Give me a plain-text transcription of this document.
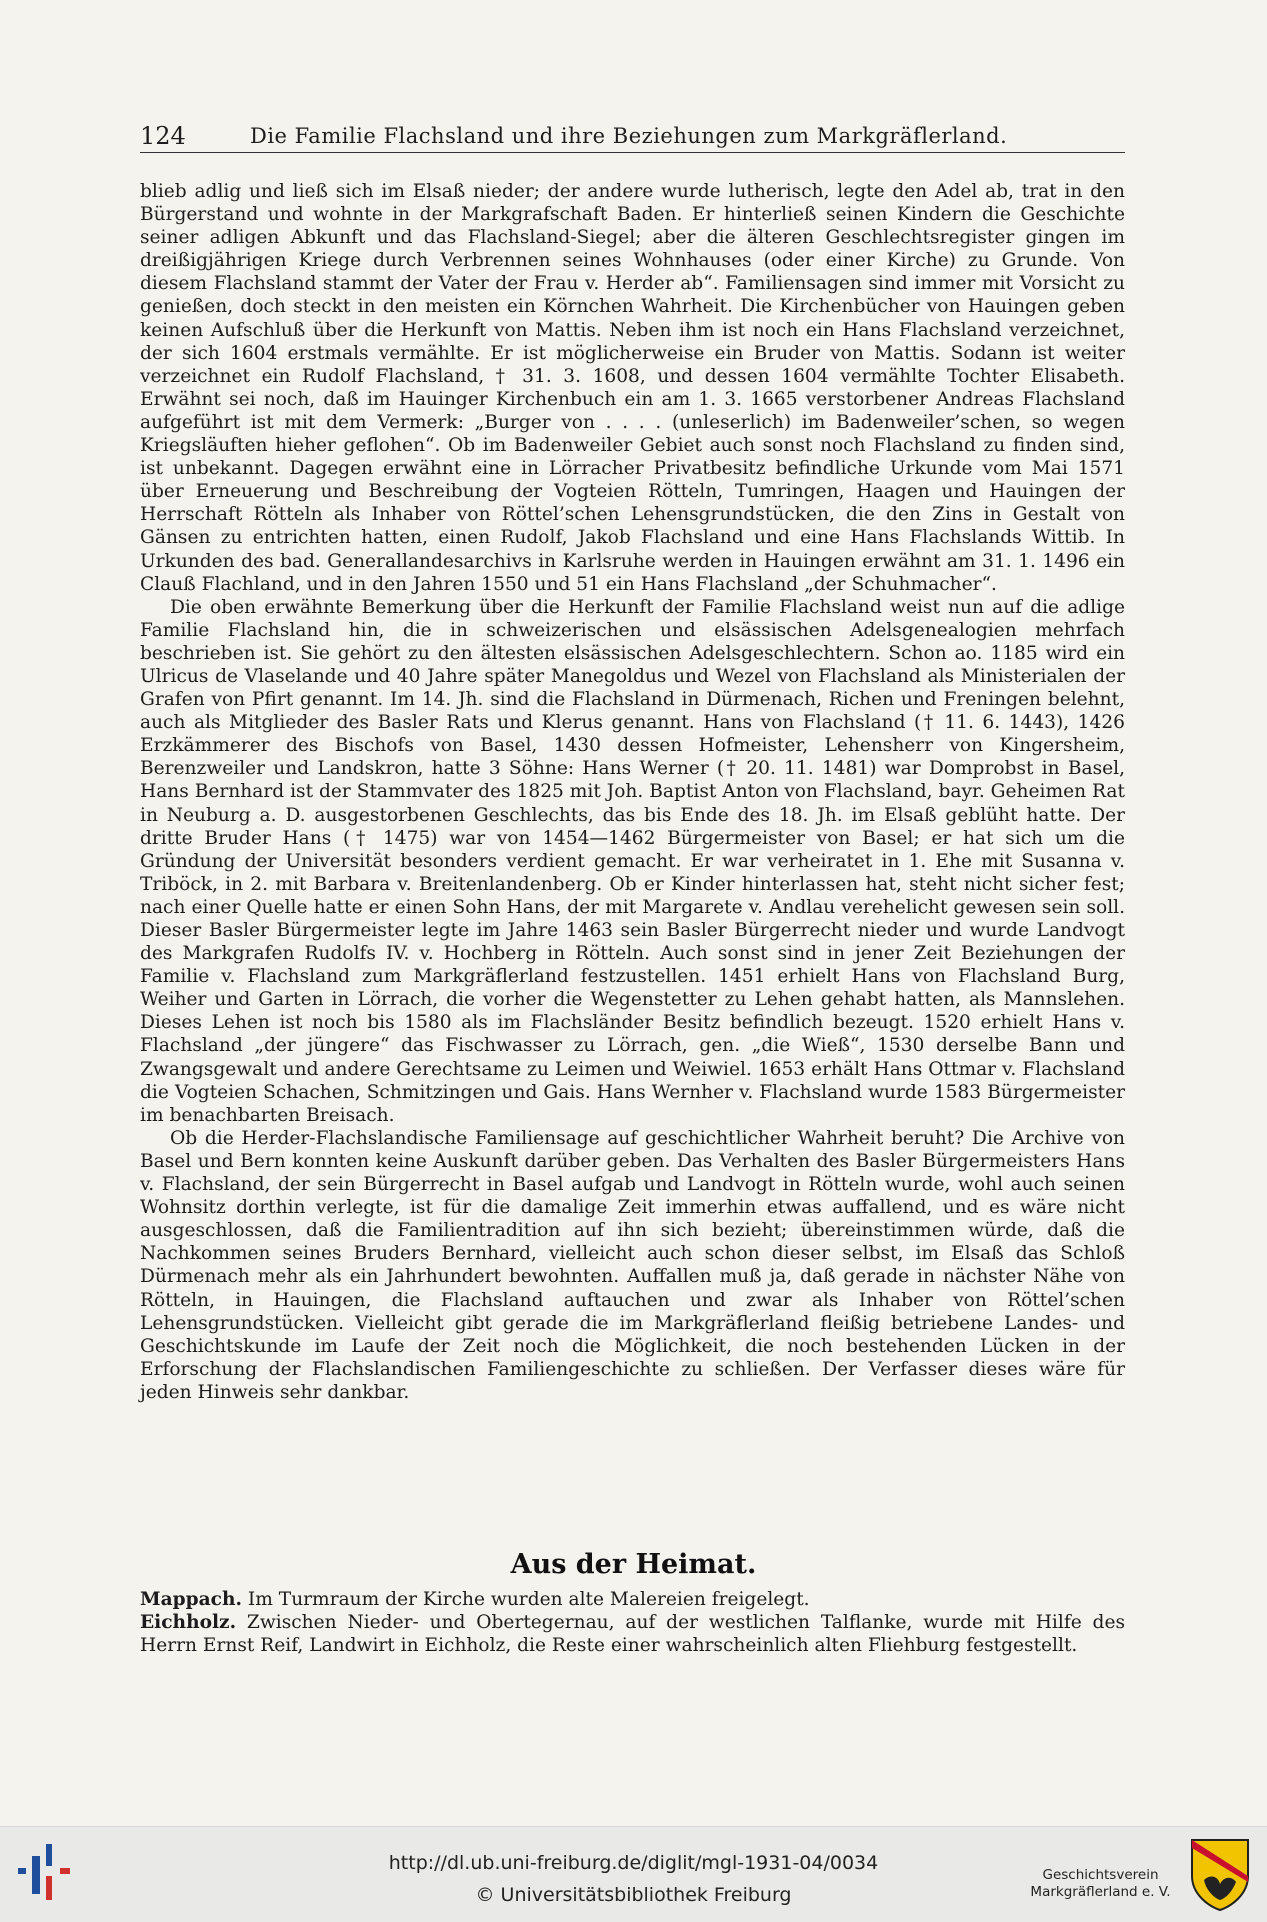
124	Die Familie Flachsland und ihre Beziehungen zum Markgräflerland.

blieb adlig und ließ sich im Elsaß nieder; der andere wurde lutherisch, legte den Adel ab, trat in den Bürgerstand und wohnte in der Markgrafschaft Baden. Er hinterließ seinen Kindern die Geschichte seiner adligen Abkunft und das Flachsland-Siegel; aber die älteren Geschlechtsregister gingen im dreißigjährigen Kriege durch Verbrennen seines Wohnhauses (oder einer Kirche) zu Grunde. Von diesem Flachsland stammt der Vater der Frau v. Herder ab“. Familiensagen sind immer mit Vorsicht zu genießen, doch steckt in den meisten ein Körnchen Wahrheit. Die Kirchenbücher von Hauingen geben keinen Aufschluß über die Herkunft von Mattis. Neben ihm ist noch ein Hans Flachsland verzeichnet, der sich 1604 erstmals vermählte. Er ist möglicherweise ein Bruder von Mattis. Sodann ist weiter verzeichnet ein Rudolf Flachsland, † 31. 3. 1608, und dessen 1604 vermählte Tochter Elisabeth. Erwähnt sei noch, daß im Hauinger Kirchenbuch ein am 1. 3. 1665 verstorbener Andreas Flachsland aufgeführt ist mit dem Vermerk: „Burger von . . . . (unleserlich) im Badenweiler’schen, so wegen Kriegsläuften hieher geflohen“. Ob im Badenweiler Gebiet auch sonst noch Flachsland zu finden sind, ist unbekannt. Dagegen erwähnt eine in Lörracher Privatbesitz befindliche Urkunde vom Mai 1571 über Erneuerung und Beschreibung der Vogteien Rötteln, Tumringen, Haagen und Hauingen der Herrschaft Rötteln als Inhaber von Röttel’schen Lehensgrundstücken, die den Zins in Gestalt von Gänsen zu entrichten hatten, einen Rudolf, Jakob Flachsland und eine Hans Flachslands Wittib. In Urkunden des bad. Generallandesarchivs in Karlsruhe werden in Hauingen erwähnt am 31. 1. 1496 ein Clauß Flachland, und in den Jahren 1550 und 51 ein Hans Flachsland „der Schuhmacher“.

Die oben erwähnte Bemerkung über die Herkunft der Familie Flachsland weist nun auf die adlige Familie Flachsland hin, die in schweizerischen und elsässischen Adelsgenealogien mehrfach beschrieben ist. Sie gehört zu den ältesten elsässischen Adelsgeschlechtern. Schon ao. 1185 wird ein Ulricus de Vlaselande und 40 Jahre später Manegoldus und Wezel von Flachsland als Ministerialen der Grafen von Pfirt genannt. Im 14. Jh. sind die Flachsland in Dürmenach, Richen und Freningen belehnt, auch als Mitglieder des Basler Rats und Klerus genannt. Hans von Flachsland († 11. 6. 1443), 1426 Erzkämmerer des Bischofs von Basel, 1430 dessen Hofmeister, Lehensherr von Kingersheim, Berenzweiler und Landskron, hatte 3 Söhne: Hans Werner († 20. 11. 1481) war Domprobst in Basel, Hans Bernhard ist der Stammvater des 1825 mit Joh. Baptist Anton von Flachsland, bayr. Geheimen Rat in Neuburg a. D. ausgestorbenen Geschlechts, das bis Ende des 18. Jh. im Elsaß geblüht hatte. Der dritte Bruder Hans († 1475) war von 1454—1462 Bürgermeister von Basel; er hat sich um die Gründung der Universität besonders verdient gemacht. Er war verheiratet in 1. Ehe mit Susanna v. Triböck, in 2. mit Barbara v. Breitenlandenberg. Ob er Kinder hinterlassen hat, steht nicht sicher fest; nach einer Quelle hatte er einen Sohn Hans, der mit Margarete v. Andlau verehelicht gewesen sein soll. Dieser Basler Bürgermeister legte im Jahre 1463 sein Basler Bürgerrecht nieder und wurde Landvogt des Markgrafen Rudolfs IV. v. Hochberg in Rötteln. Auch sonst sind in jener Zeit Beziehungen der Familie v. Flachsland zum Markgräflerland festzustellen. 1451 erhielt Hans von Flachsland Burg, Weiher und Garten in Lörrach, die vorher die Wegenstetter zu Lehen gehabt hatten, als Mannslehen. Dieses Lehen ist noch bis 1580 als im Flachsländer Besitz befindlich bezeugt. 1520 erhielt Hans v. Flachsland „der jüngere“ das Fischwasser zu Lörrach, gen. „die Wieß“, 1530 derselbe Bann und Zwangsgewalt und andere Gerechtsame zu Leimen und Weiwiel. 1653 erhält Hans Ottmar v. Flachsland die Vogteien Schachen, Schmitzingen und Gais. Hans Wernher v. Flachsland wurde 1583 Bürgermeister im benachbarten Breisach.

Ob die Herder-Flachslandische Familiensage auf geschichtlicher Wahrheit beruht? Die Archive von Basel und Bern konnten keine Auskunft darüber geben. Das Verhalten des Basler Bürgermeisters Hans v. Flachsland, der sein Bürgerrecht in Basel aufgab und Landvogt in Rötteln wurde, wohl auch seinen Wohnsitz dorthin verlegte, ist für die damalige Zeit immerhin etwas auffallend, und es wäre nicht ausgeschlossen, daß die Familientradition auf ihn sich bezieht; übereinstimmen würde, daß die Nachkommen seines Bruders Bernhard, vielleicht auch schon dieser selbst, im Elsaß das Schloß Dürmenach mehr als ein Jahrhundert bewohnten. Auffallen muß ja, daß gerade in nächster Nähe von Rötteln, in Hauingen, die Flachsland auftauchen und zwar als Inhaber von Röttel’schen Lehensgrundstücken. Vielleicht gibt gerade die im Markgräflerland fleißig betriebene Landes- und Geschichtskunde im Laufe der Zeit noch die Möglichkeit, die noch bestehenden Lücken in der Erforschung der Flachslandischen Familiengeschichte zu schließen. Der Verfasser dieses wäre für jeden Hinweis sehr dankbar.

Aus der Heimat.

Mappach. Im Turmraum der Kirche wurden alte Malereien freigelegt.

Eichholz. Zwischen Nieder- und Obertegernau, auf der westlichen Talflanke, wurde mit Hilfe des Herrn Ernst Reif, Landwirt in Eichholz, die Reste einer wahrscheinlich alten Fliehburg festgestellt.

http://dl.ub.uni-freiburg.de/diglit/mgl-1931-04/0034
© Universitätsbibliothek Freiburg
Geschichtsverein
Markgräflerland e. V.
